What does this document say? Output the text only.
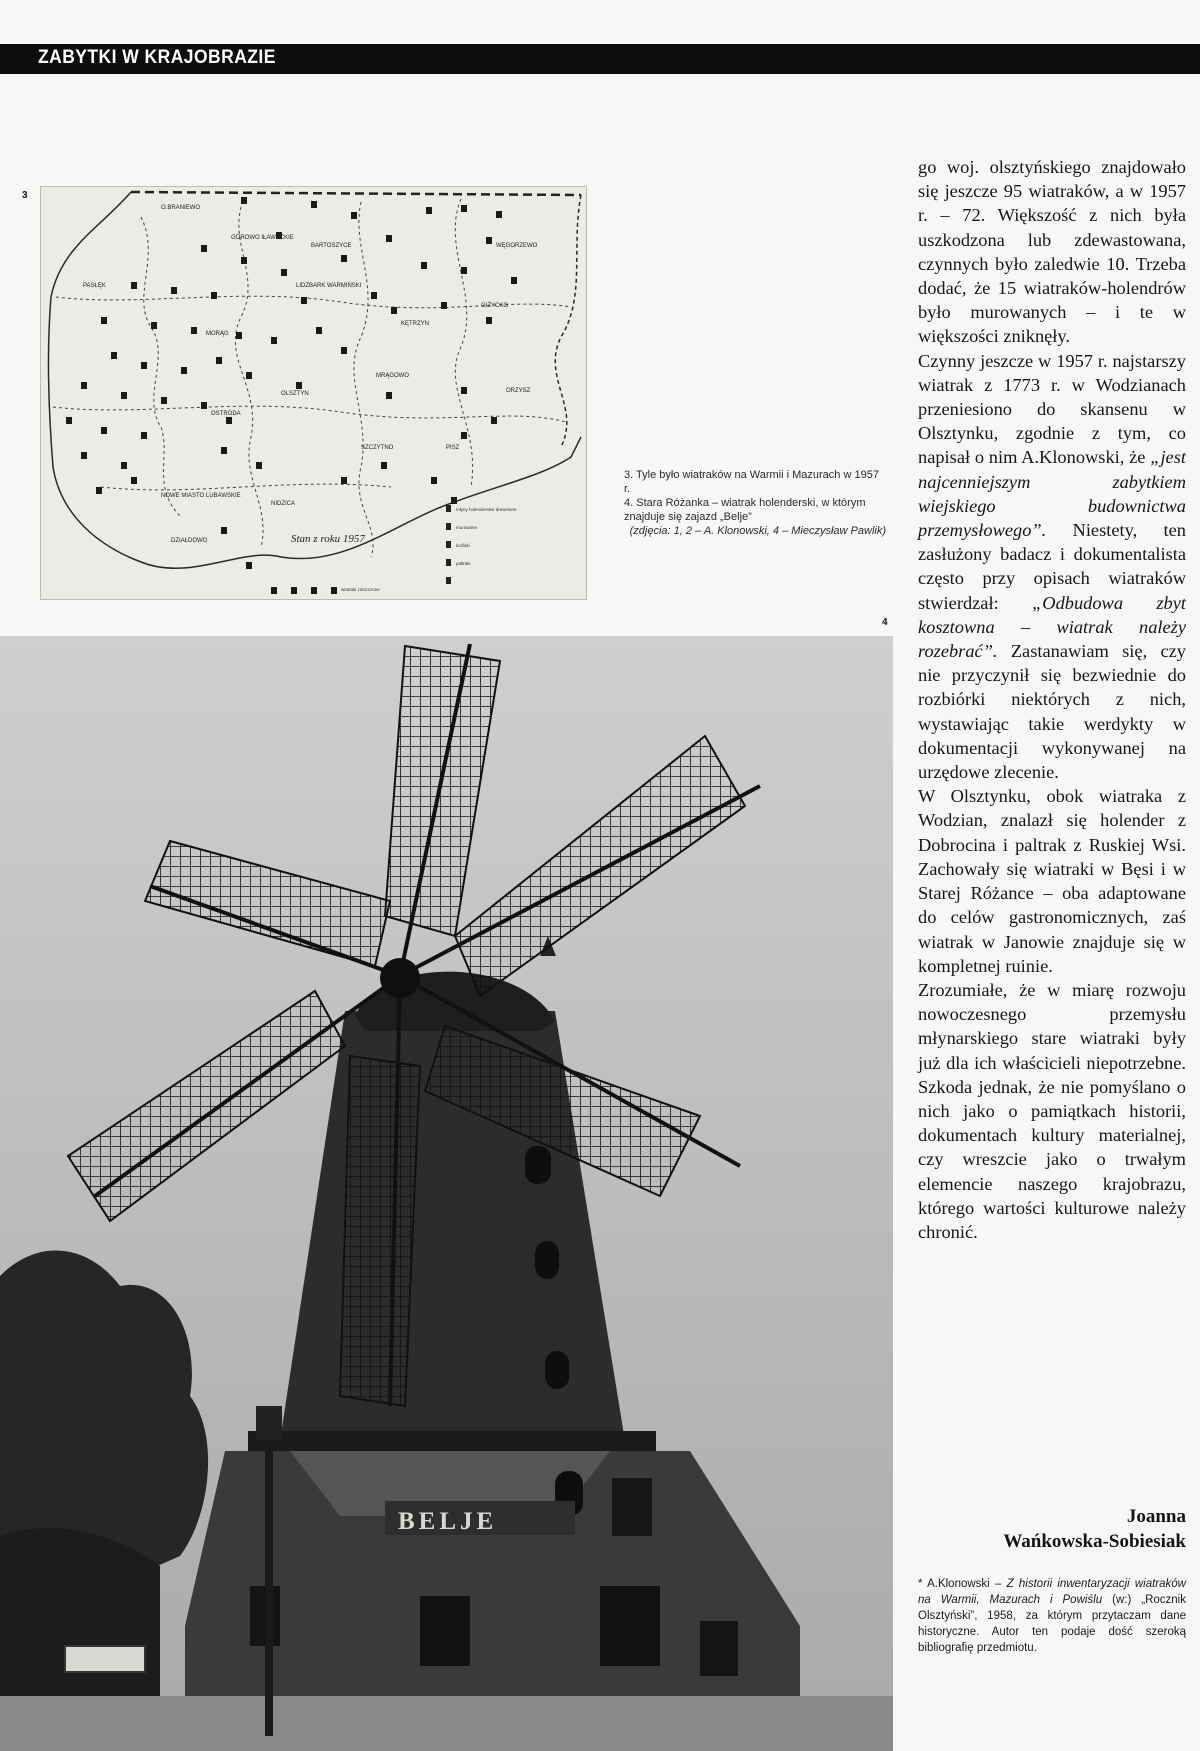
ZABYTKI W KRAJOBRAZIE
3
O.BRANIEWO
PASŁĘK
GÓROWO IŁAWECKIE
BARTOSZYCE
KĘTRZYN
OLSZTYN
OSTRÓDA
MORĄG
SZCZYTNO	PISZ
MRĄGOWO
NIDZICA
DZIAŁDOWO
NOWE MIASTO LUBAWSKIE
LIDZBARK WARMIŃSKI
WĘGORZEWO
GIŻYCKO
ORZYSZ
Stan z roku 1957
młyny holenderskie drewniane
murowane
koźlaki
paltraki
wiatraki zniszczone

3. Tyle było wiatraków na Warmii i Mazurach w 1957 r.

4. Stara Różanka – wiatrak holenderski, w którym znajduje się zajazd „Belje”

(zdjęcia: 1, 2 – A. Klonowski, 4 – Mieczysław Pawlik)

4
BELJE

go woj. olsztyńskiego znajdowało się jeszcze 95 wiatraków, a w 1957 r. – 72. Większość z nich była uszkodzona lub zdewastowana, czynnych było zaledwie 10. Trzeba dodać, że 15 wiatraków-holendrów było murowanych – i te w większości zniknęły.

Czynny jeszcze w 1957 r. najstarszy wiatrak z 1773 r. w Wodzianach przeniesiono do skansenu w Olsztynku, zgodnie z tym, co napisał o nim A.Klonowski, że „jest najcenniejszym zabytkiem wiejskiego budownictwa przemysłowego”. Niestety, ten zasłużony badacz i dokumentalista często przy opisach wiatraków stwierdzał: „Odbudowa zbyt kosztowna – wiatrak należy rozebrać”. Zastanawiam się, czy nie przyczynił się bezwiednie do rozbiórki niektórych z nich, wystawiając takie werdykty w dokumentacji wykonywanej na urzędowe zlecenie.

W Olsztynku, obok wiatraka z Wodzian, znalazł się holender z Dobrocina i paltrak z Ruskiej Wsi. Zachowały się wiatraki w Bęsi i w Starej Różance – oba adaptowane do celów gastronomicznych, zaś wiatrak w Janowie znajduje się w kompletnej ruinie.

Zrozumiałe, że w miarę rozwoju nowoczesnego przemysłu młynarskiego stare wiatraki były już dla ich właścicieli niepotrzebne. Szkoda jednak, że nie pomyślano o nich jako o pamiątkach historii, dokumentach kultury materialnej, czy wreszcie jako o trwałym elemencie naszego krajobrazu, którego wartości kulturowe należy chronić.

Joanna
Wańkowska-Sobiesiak
* A.Klonowski – Z historii inwentaryzacji wiatraków na Warmii, Mazurach i Powiślu (w:) „Rocznik Olsztyński”, 1958, za którym przytaczam dane historyczne. Autor ten podaje dość szeroką bibliografię przedmiotu.
